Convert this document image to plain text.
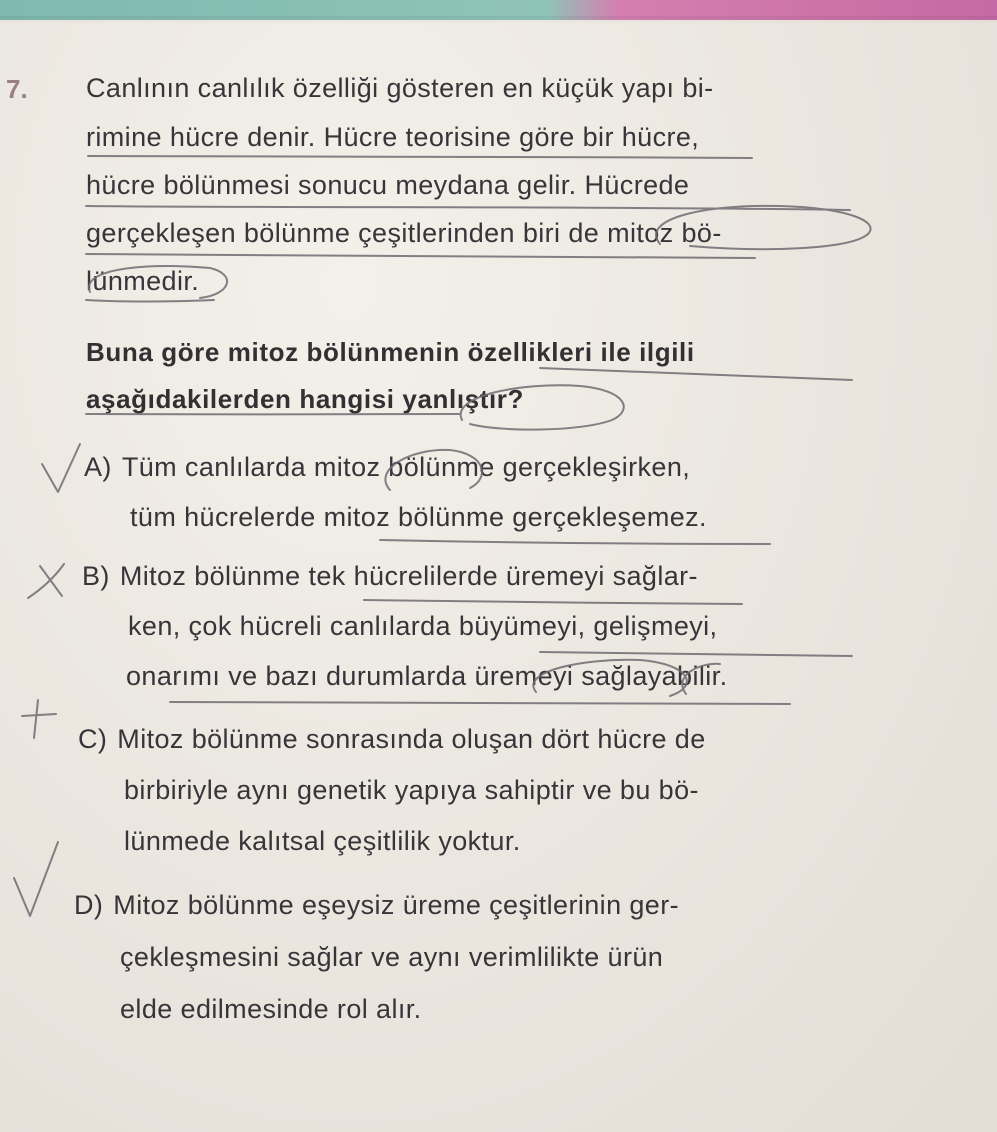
7. Canlının canlılık özelliği gösteren en küçük yapı bi-
rimine hücre denir. Hücre teorisine göre bir hücre,
hücre bölünmesi sonucu meydana gelir. Hücrede
gerçekleşen bölünme çeşitlerinden biri de mitoz bö-
lünmedir.
Buna göre mitoz bölünmenin özellikleri ile ilgili
aşağıdakilerden hangisi yanlıştır?
A) Tüm canlılarda mitoz bölünme gerçekleşirken,
tüm hücrelerde mitoz bölünme gerçekleşemez.
B) Mitoz bölünme tek hücrelilerde üremeyi sağlar-
ken, çok hücreli canlılarda büyümeyi, gelişmeyi,
onarımı ve bazı durumlarda üremeyi sağlayabilir.
C) Mitoz bölünme sonrasında oluşan dört hücre de
birbiriyle aynı genetik yapıya sahiptir ve bu bö-
lünmede kalıtsal çeşitlilik yoktur.
D) Mitoz bölünme eşeysiz üreme çeşitlerinin ger-
çekleşmesini sağlar ve aynı verimlilikte ürün
elde edilmesinde rol alır.
